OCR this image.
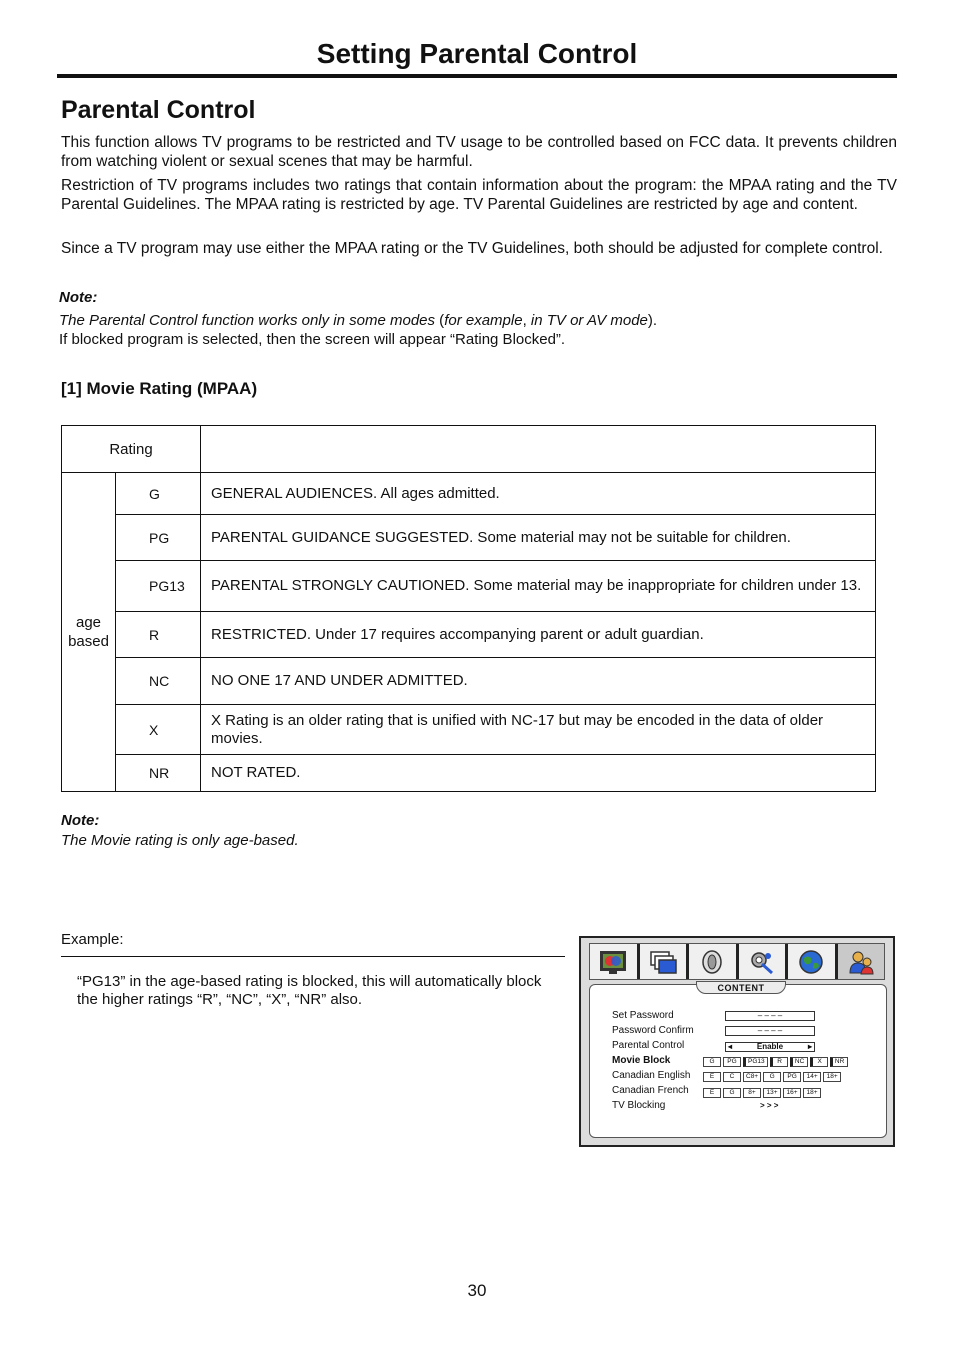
Setting Parental Control
Parental Control
This function allows TV programs to be restricted and TV usage to be controlled based on FCC data. It prevents children from watching violent or sexual scenes that may be harmful.
Restriction of TV programs includes two ratings that contain information about the program: the MPAA rating and the TV Parental Guidelines. The MPAA rating is restricted by age. TV Parental Guidelines are restricted by age and content.
Since a TV program may use either the MPAA rating or the TV Guidelines, both should be adjusted for complete control.
Note:
The Parental Control function works only in some modes (for example, in TV or AV mode).
If blocked program is selected, then the screen will appear “Rating Blocked”.
[1] Movie Rating (MPAA)
Rating		
age
based	G	GENERAL AUDIENCES. All ages admitted.
	PG	PARENTAL GUIDANCE SUGGESTED. Some material may not be suitable for children.
	PG13	PARENTAL STRONGLY CAUTIONED. Some material may be inappropriate for children under 13.
	R	RESTRICTED. Under 17 requires accompanying parent or adult guardian.
	NC	NO ONE 17 AND UNDER ADMITTED.
	X	X Rating is an older rating that is unified with NC-17 but may be encoded in the data of older movies.
	NR	NOT RATED.
Note:
The Movie rating is only age-based.
Example:
“PG13” in the age-based rating is blocked, this will automatically block the higher ratings “R”, “NC”, “X”, “NR” also.
CONTENT
Set Password	– – – –
Password Confirm	– – – –
Parental Control	◂	Enable	▸
Movie Block	G	PG	PG13	R	NC	X	NR
Canadian English	E	C	C8+	G	PG	14+	18+
Canadian French	E	G	8+	13+	16+	18+
TV Blocking	> > >
30
